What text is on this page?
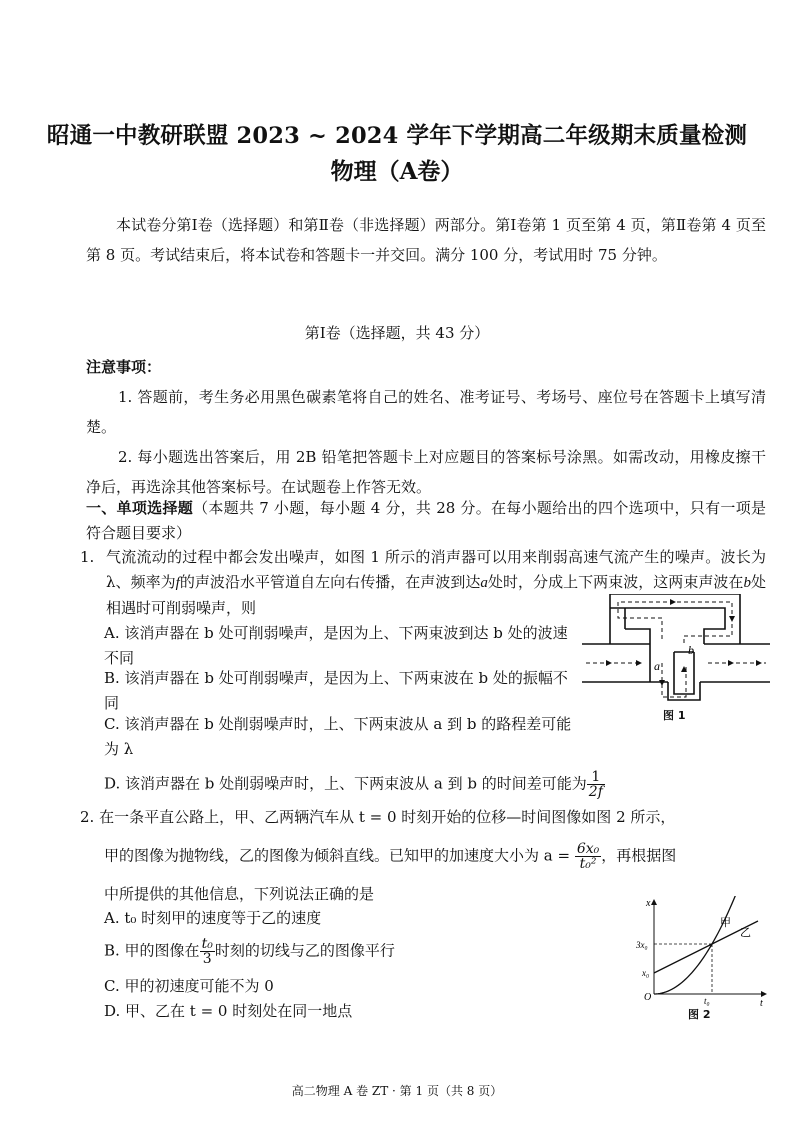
昭通一中教研联盟 2023 ~ 2024 学年下学期高二年级期末质量检测
物理（A卷）
本试卷分第Ⅰ卷（选择题）和第Ⅱ卷（非选择题）两部分。第Ⅰ卷第 1 页至第 4 页，第Ⅱ卷第 4 页至第 8 页。考试结束后，将本试卷和答题卡一并交回。满分 100 分，考试用时 75 分钟。
第Ⅰ卷（选择题，共 43 分）
注意事项：
1. 答题前，考生务必用黑色碳素笔将自己的姓名、准考证号、考场号、座位号在答题卡上填写清楚。
2. 每小题选出答案后，用 2B 铅笔把答题卡上对应题目的答案标号涂黑。如需改动，用橡皮擦干净后，再选涂其他答案标号。在试题卷上作答无效。
一、单项选择题（本题共 7 小题，每小题 4 分，共 28 分。在每小题给出的四个选项中，只有一项是符合题目要求）
1. 气流流动的过程中都会发出噪声，如图 1 所示的消声器可以用来削弱高速气流产生的噪声。波长为 λ、频率为f的声波沿水平管道自左向右传播，在声波到达a处时，分成上下两束波，这两束声波在b处相遇时可削弱噪声，则
A. 该消声器在 b 处可削弱噪声，是因为上、下两束波到达 b 处的波速不同
B. 该消声器在 b 处可削弱噪声，是因为上、下两束波在 b 处的振幅不同
C. 该消声器在 b 处削弱噪声时，上、下两束波从 a 到 b 的路程差可能为 λ
D. 该消声器在 b 处削弱噪声时，上、下两束波从 a 到 b 的时间差可能为 $\frac{1}{2f}$
a
b
图 1
2. 在一条平直公路上，甲、乙两辆汽车从 t = 0 时刻开始的位移—时间图像如图 2 所示，
甲的图像为抛物线，乙的图像为倾斜直线。已知甲的加速度大小为 $a = \frac{\text{6x₀}}{\text{t₀²}}$ ，再根据图
中所提供的其他信息，下列说法正确的是
A. t₀ 时刻甲的速度等于乙的速度
B. 甲的图像在 $\frac{\text{t₀}}{3}$ 时刻的切线与乙的图像平行
C. 甲的初速度可能不为 0
D. 甲、乙在 t = 0 时刻处在同一地点
x
t
O
3x₀
x₀
t₀
甲
乙
图 2
高二物理 A 卷 ZT · 第 1 页（共 8 页）
